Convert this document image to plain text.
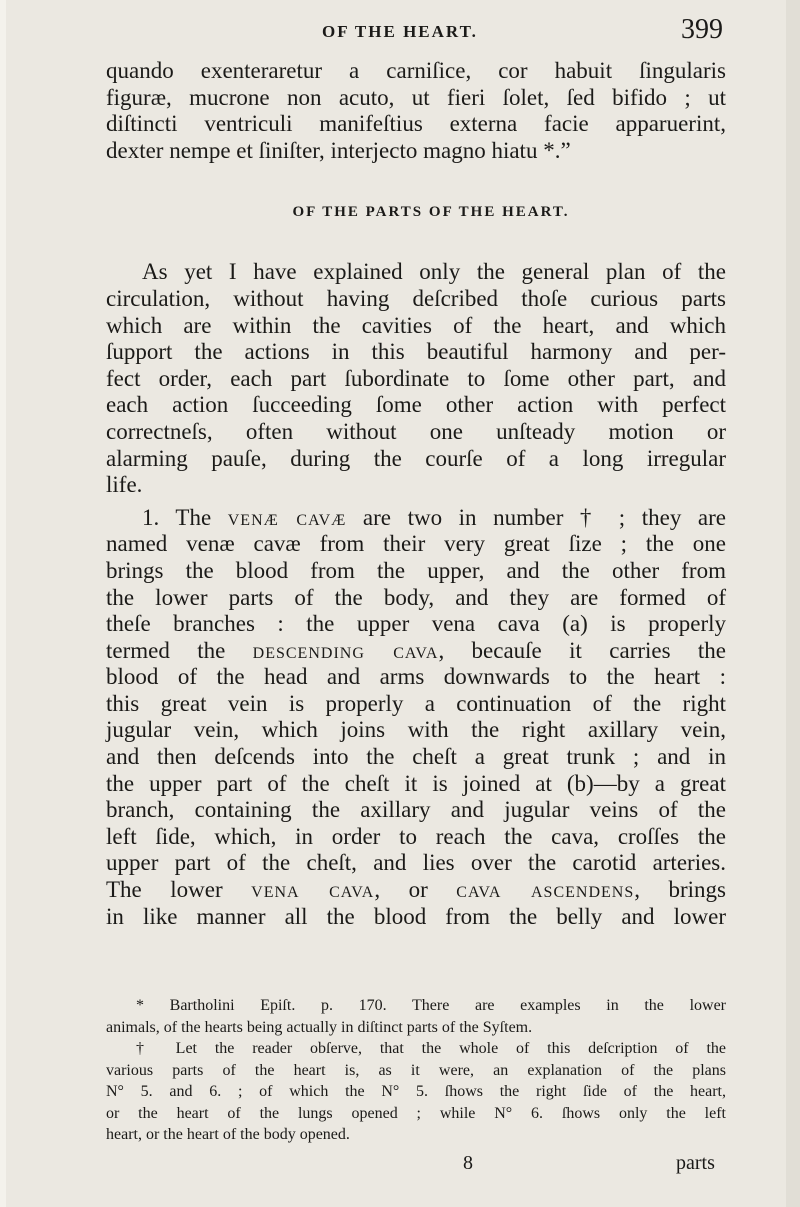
OF THE HEART.	399
quando exenteraretur a carniſice, cor habuit ſingularis
figuræ, mucrone non acuto, ut fieri ſolet, ſed bifido ; ut
diſtincti ventriculi manifeſtius externa facie apparuerint,
dexter nempe et ſiniſter, interjecto magno hiatu *.”
OF THE PARTS OF THE HEART.
As yet I have explained only the general plan of the
circulation, without having deſcribed thoſe curious parts
which are within the cavities of the heart, and which
ſupport the actions in this beautiful harmony and per-
fect order, each part ſubordinate to ſome other part, and
each action ſucceeding ſome other action with perfect
correctneſs, often without one unſteady motion or
alarming pauſe, during the courſe of a long irregular
life.
1. The venæ cavæ are two in number † ; they are
named venæ cavæ from their very great ſize ; the one
brings the blood from the upper, and the other from
the lower parts of the body, and they are formed of
theſe branches : the upper vena cava (a) is properly
termed the descending cava, becauſe it carries the
blood of the head and arms downwards to the heart :
this great vein is properly a continuation of the right
jugular vein, which joins with the right axillary vein,
and then deſcends into the cheſt a great trunk ; and in
the upper part of the cheſt it is joined at (b)—by a great
branch, containing the axillary and jugular veins of the
left ſide, which, in order to reach the cava, croſſes the
upper part of the cheſt, and lies over the carotid arteries.
The lower vena cava, or cava ascendens, brings
in like manner all the blood from the belly and lower
* Bartholini Epiſt. p. 170. There are examples in the lower
animals, of the hearts being actually in diſtinct parts of the Syſtem.
† Let the reader obſerve, that the whole of this deſcription of the
various parts of the heart is, as it were, an explanation of the plans
N° 5. and 6. ; of which the N° 5. ſhows the right ſide of the heart,
or the heart of the lungs opened ; while N° 6. ſhows only the left
heart, or the heart of the body opened.
8	parts
